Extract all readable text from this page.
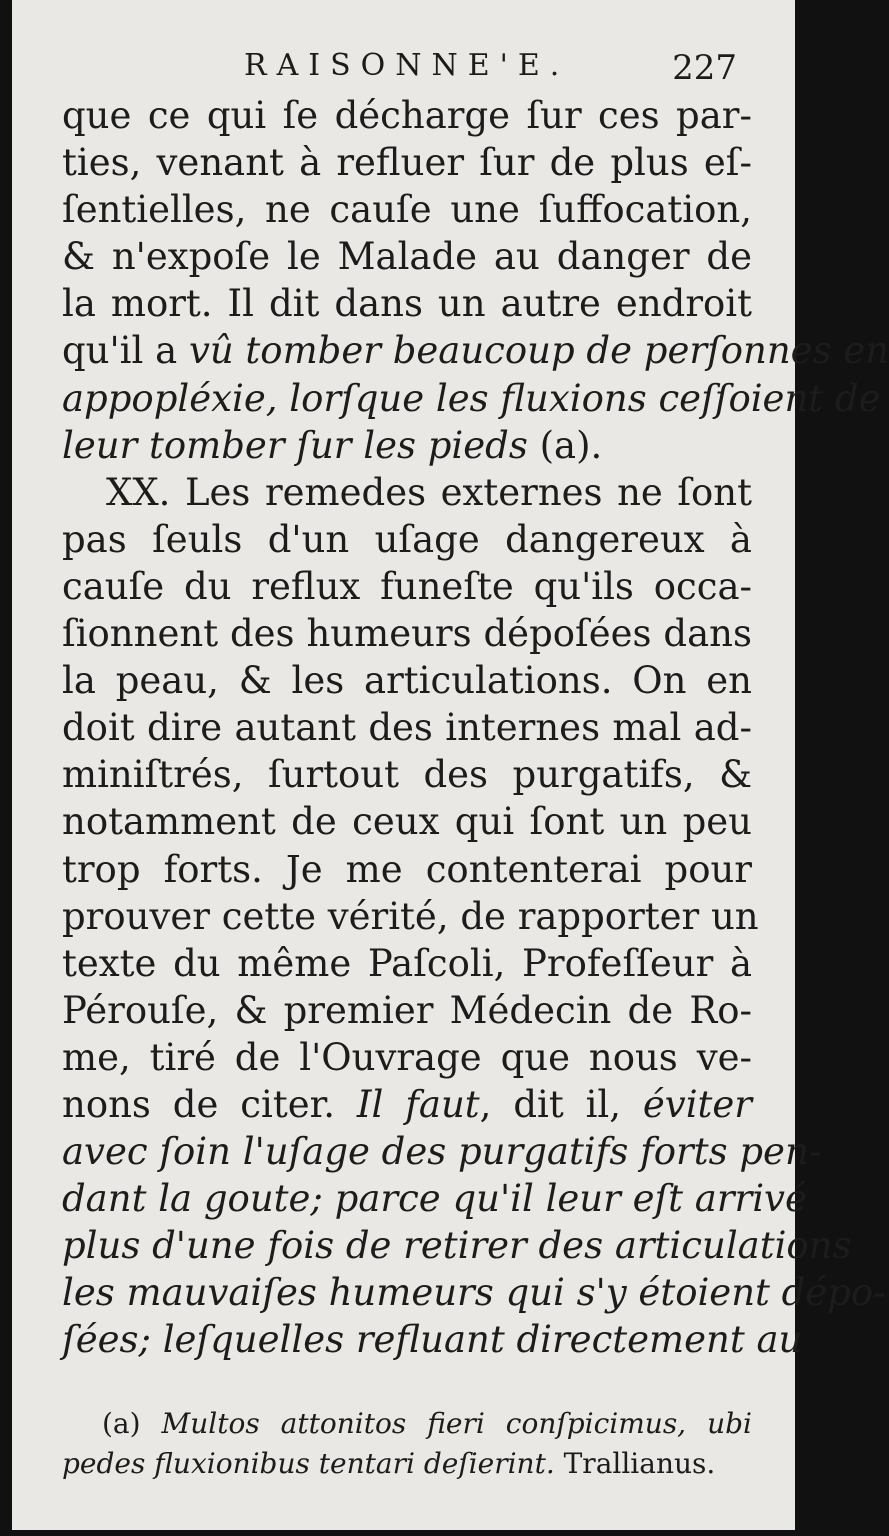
RAISONNE'E.	227
que ce qui ſe décharge ſur ces par-
ties, venant à refluer ſur de plus eſ-
ſentielles, ne cauſe une ſuffocation,
& n'expoſe le Malade au danger de
la mort. Il dit dans un autre endroit
qu'il a vû tomber beaucoup de perſonnes en
appopléxie, lorſque les fluxions ceſſoient de
leur tomber ſur les pieds (a).
XX. Les remedes externes ne ſont
pas ſeuls d'un uſage dangereux à
cauſe du reflux funeſte qu'ils occa-
ſionnent des humeurs dépoſées dans
la peau, & les articulations. On en
doit dire autant des internes mal ad-
miniſtrés, ſurtout des purgatifs, &
notamment de ceux qui ſont un peu
trop forts. Je me contenterai pour
prouver cette vérité, de rapporter un
texte du même Paſcoli, Profeſſeur à
Pérouſe, & premier Médecin de Ro-
me, tiré de l'Ouvrage que nous ve-
nons de citer. Il faut, dit il, éviter
avec ſoin l'uſage des purgatifs forts pen-
dant la goute; parce qu'il leur eſt arrivé
plus d'une fois de retirer des articulations
les mauvaiſes humeurs qui s'y étoient dépo-
ſées; leſquelles refluant directement au
(a) Multos attonitos fieri conſpicimus, ubi
pedes fluxionibus tentari deſierint. Trallianus.
